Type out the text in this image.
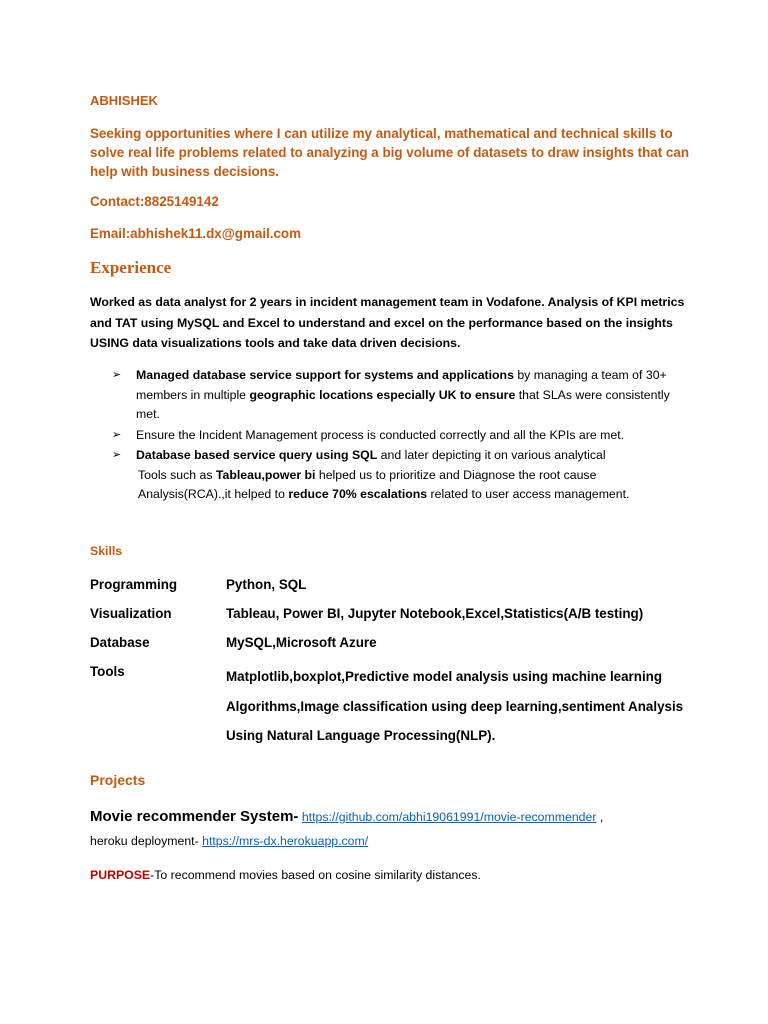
ABHISHEK
Seeking opportunities where I can utilize my analytical, mathematical and technical skills to solve real life problems related to analyzing a big volume of datasets to draw insights that can help with business decisions.
Contact:8825149142
Email:abhishek11.dx@gmail.com
Experience
Worked as data analyst for 2 years in incident management team in Vodafone. Analysis of KPI metrics and TAT using MySQL and Excel to understand and excel on the performance based on the insights USING data visualizations tools and take data driven decisions.
➢ Managed database service support for systems and applications by managing a team of 30+ members in multiple geographic locations especially UK to ensure that SLAs were consistently met.
➢ Ensure the Incident Management process is conducted correctly and all the KPIs are met.
➢ Database based service query using SQL and later depicting it on various analytical
Tools such as Tableau,power bi helped us to prioritize and Diagnose the root cause
Analysis(RCA).,it helped to reduce 70% escalations related to user access management.
Skills
Programming	Python, SQL
Visualization	Tableau, Power BI, Jupyter Notebook,Excel,Statistics(A/B testing)
Database	MySQL,Microsoft Azure
Tools	Matplotlib,boxplot,Predictive model analysis using machine learning Algorithms,Image classification using deep learning,sentiment Analysis Using Natural Language Processing(NLP).
Projects
Movie recommender System- https://github.com/abhi19061991/movie-recommender ,
heroku deployment- https://mrs-dx.herokuapp.com/
PURPOSE-To recommend movies based on cosine similarity distances.
